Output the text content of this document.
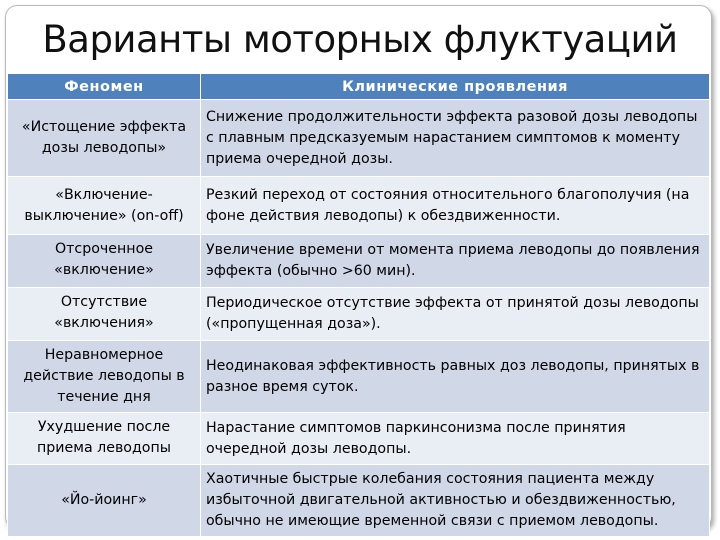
Варианты моторных флуктуаций
Феномен	Клинические проявления
«Истощение эффекта дозы леводопы»	Снижение продолжительности эффекта разовой дозы леводопы с плавным предсказуемым нарастанием симптомов к моменту приема очередной дозы.
«Включение-выключение» (on-off)	Резкий переход от состояния относительного благополучия (на фоне действия леводопы) к обездвиженности.
Отсроченное «включение»	Увеличение времени от момента приема леводопы до появления эффекта (обычно >60 мин).
Отсутствие «включения»	Периодическое отсутствие эффекта от принятой дозы леводопы («пропущенная доза»).
Неравномерное действие леводопы в течение дня	Неодинаковая эффективность равных доз леводопы, принятых в разное время суток.
Ухудшение после приема леводопы	Нарастание симптомов паркинсонизма после принятия очередной дозы леводопы.
«Йо-йоинг»	Хаотичные быстрые колебания состояния пациента между избыточной двигательной активностью и обездвиженностью, обычно не имеющие временной связи с приемом леводопы.
